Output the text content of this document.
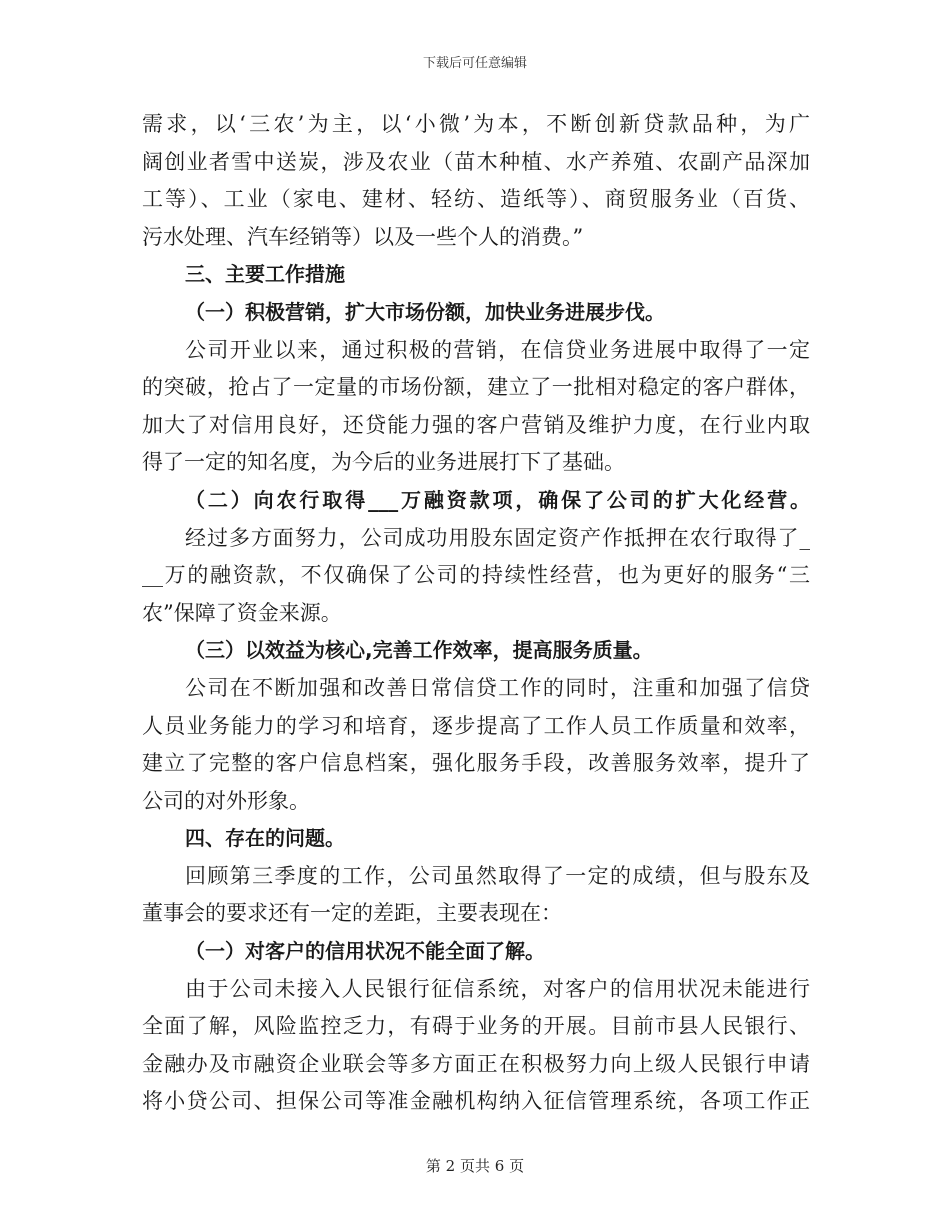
下载后可任意编辑
需求，以‘三农’为主，以‘小微’为本，不断创新贷款品种，为广
阔创业者雪中送炭，涉及农业（苗木种植、水产养殖、农副产品深加
工等）、工业（家电、建材、轻纺、造纸等）、商贸服务业（百货、
污水处理、汽车经销等）以及一些个人的消费。”
三、主要工作措施
（一）积极营销，扩大市场份额，加快业务进展步伐。
公司开业以来，通过积极的营销，在信贷业务进展中取得了一定
的突破，抢占了一定量的市场份额，建立了一批相对稳定的客户群体，
加大了对信用良好，还贷能力强的客户营销及维护力度，在行业内取
得了一定的知名度，为今后的业务进展打下了基础。
（二）向农行取得___万融资款项，确保了公司的扩大化经营。
经过多方面努力，公司成功用股东固定资产作抵押在农行取得了_
__万的融资款，不仅确保了公司的持续性经营，也为更好的服务“三
农”保障了资金来源。
（三）以效益为核心,完善工作效率，提高服务质量。
公司在不断加强和改善日常信贷工作的同时，注重和加强了信贷
人员业务能力的学习和培育，逐步提高了工作人员工作质量和效率，
建立了完整的客户信息档案，强化服务手段，改善服务效率，提升了
公司的对外形象。
四、存在的问题。
回顾第三季度的工作，公司虽然取得了一定的成绩，但与股东及
董事会的要求还有一定的差距，主要表现在：
（一）对客户的信用状况不能全面了解。
由于公司未接入人民银行征信系统，对客户的信用状况未能进行
全面了解，风险监控乏力，有碍于业务的开展。目前市县人民银行、
金融办及市融资企业联会等多方面正在积极努力向上级人民银行申请
将小贷公司、担保公司等准金融机构纳入征信管理系统，各项工作正
第 2 页共 6 页
